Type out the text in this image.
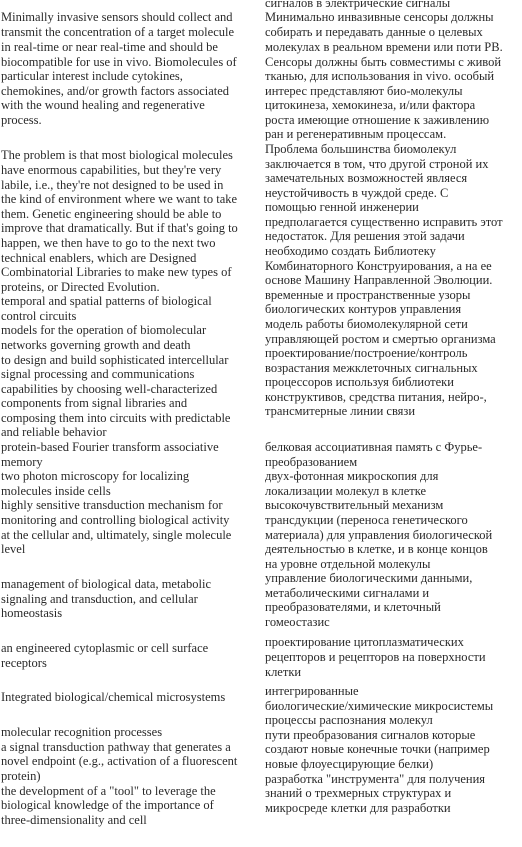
Minimally invasive sensors should collect and
transmit the concentration of a target molecule
in real-time or near real-time and should be
biocompatible for use in vivo. Biomolecules of
particular interest include cytokines,
chemokines, and/or growth factors associated
with the wound healing and regenerative
process.
The problem is that most biological molecules
have enormous capabilities, but they're very
labile, i.e., they're not designed to be used in
the kind of environment where we want to take
them. Genetic engineering should be able to
improve that dramatically. But if that's going to
happen, we then have to go to the next two
technical enablers, which are Designed
Combinatorial Libraries to make new types of
proteins, or Directed Evolution.
temporal and spatial patterns of biological
control circuits
models for the operation of biomolecular
networks governing growth and death
to design and build sophisticated intercellular
signal processing and communications
capabilities by choosing well-characterized
components from signal libraries and
composing them into circuits with predictable
and reliable behavior
protein-based Fourier transform associative
memory
two photon microscopy for localizing
molecules inside cells
highly sensitive transduction mechanism for
monitoring and controlling biological activity
at the cellular and, ultimately, single molecule
level
management of biological data, metabolic
signaling and transduction, and cellular
homeostasis
an engineered cytoplasmic or cell surface
receptors
Integrated biological/chemical microsystems
molecular recognition processes
a signal transduction pathway that generates a
novel endpoint (e.g., activation of a fluorescent
protein)
the development of a "tool" to leverage the
biological knowledge of the importance of
three-dimensionality and cell
сигналов в электрические сигналы
Минимально инвазивные сенсоры должны
собирать и передавать данные о целевых
молекулах в реальном времени или поти РВ.
Сенсоры должны быть совместимы с живой
тканью, для использования in vivo. особый
интерес представляют био-молекулы
цитокинеза, хемокинеза, и/или фактора
роста имеющие отношение к заживлению
ран и регенеративным процессам.
Проблема большинства биомолекул
заключается в том, что другой строной их
замечательных возможностей являеся
неустойчивость в чуждой среде. С
помощью генной инженерии
предполагается существенно исправить этот
недостаток. Для решения этой задачи
необходимо создать Библиотеку
Комбинаторного Конструирования, а на ее
основе Машину Направленной Эволюции.
временные и пространственные узоры
биологических контуров управления
модель работы биомолекулярной сети
управляющей ростом и смертью организма
проектирование/построение/контроль
возрастания межклеточных сигнальных
процессоров используя библиотеки
конструктивов, средства питания, нейро-,
трансмитерные линии связи
белковая ассоциативная память с Фурье-
преобразованием
двух-фотонная микроскопия для
локализации молекул в клетке
высокочувствительный механизм
трансдукции (переноса генетического
материала) для управления биологической
деятельностью в клетке, и в конце концов
на уровне отдельной молекулы
управление биологическими данными,
метаболическими сигналами и
преобразователями, и клеточный
гомеостазис
проектирование цитоплазматических
рецепторов и рецепторов на поверхности
клетки
интегрированные
биологические/химические микросистемы
процессы распознания молекул
пути преобразования сигналов которые
создают новые конечные точки (например
новые флоуесцирующие белки)
разработка "инструмента" для получения
знаний о трехмерных структурах и
микросреде клетки для разработки
